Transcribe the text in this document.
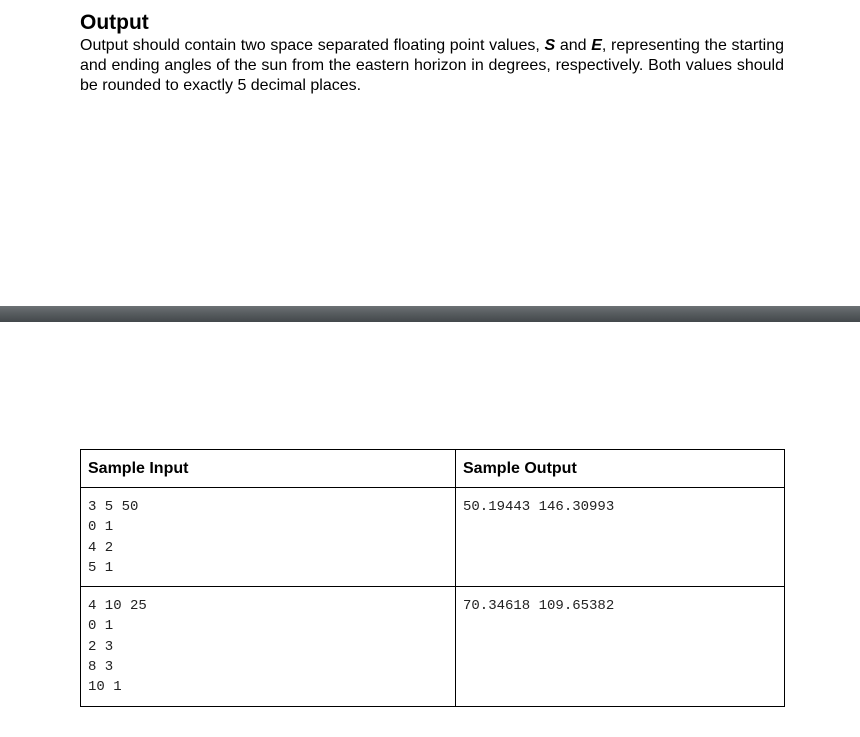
Output

Output should contain two space separated floating point values, S and E, representing the starting and ending angles of the sun from the eastern horizon in degrees, respectively. Both values should be rounded to exactly 5 decimal places.

Sample Input	Sample Output

3 5 50
0 1
4 2
5 1	50.19443 146.30993

4 10 25
0 1
2 3
8 3
10 1	70.34618 109.65382
